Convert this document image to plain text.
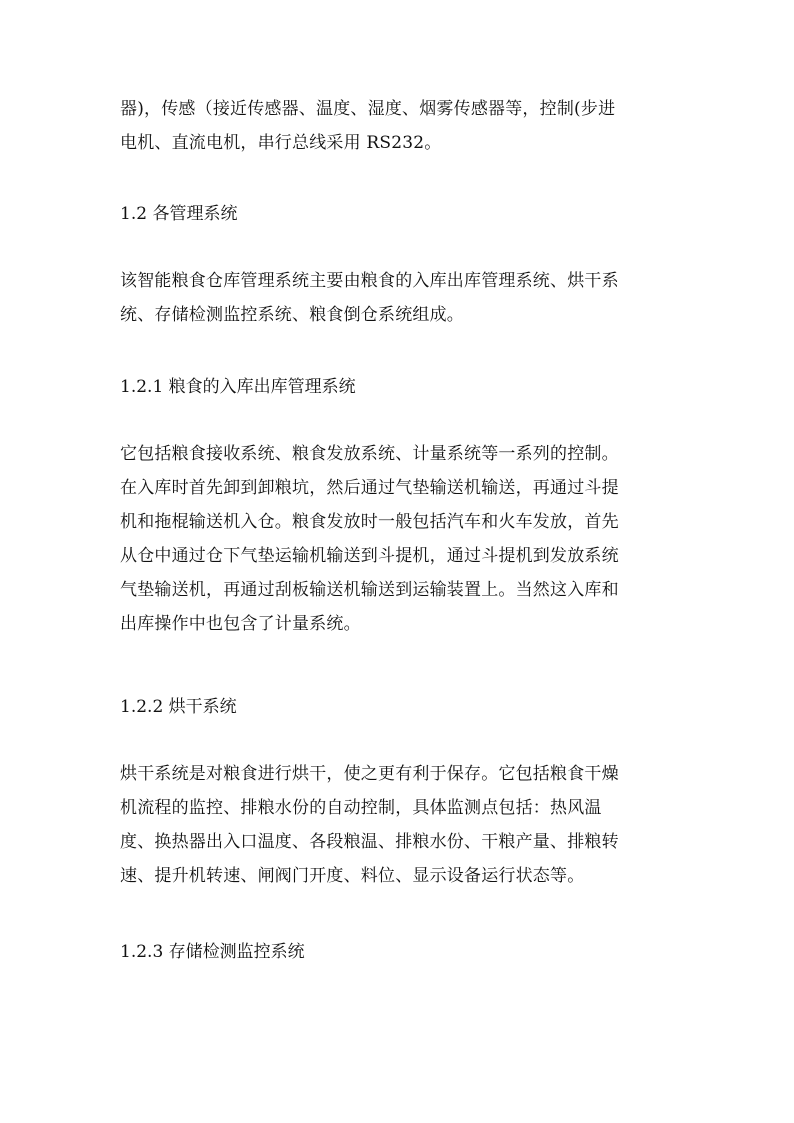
器)，传感（接近传感器、温度、湿度、烟雾传感器等，控制(步进
电机、直流电机，串行总线采用 RS232。
1.2 各管理系统
该智能粮食仓库管理系统主要由粮食的入库出库管理系统、烘干系
统、存储检测监控系统、粮食倒仓系统组成。
1.2.1 粮食的入库出库管理系统
它包括粮食接收系统、粮食发放系统、计量系统等一系列的控制。
在入库时首先卸到卸粮坑，然后通过气垫输送机输送，再通过斗提
机和拖棍输送机入仓。粮食发放时一般包括汽车和火车发放，首先
从仓中通过仓下气垫运输机输送到斗提机，通过斗提机到发放系统
气垫输送机，再通过刮板输送机输送到运输装置上。当然这入库和
出库操作中也包含了计量系统。
1.2.2 烘干系统
烘干系统是对粮食进行烘干，使之更有利于保存。它包括粮食干燥
机流程的监控、排粮水份的自动控制，具体监测点包括：热风温
度、换热器出入口温度、各段粮温、排粮水份、干粮产量、排粮转
速、提升机转速、闸阀门开度、料位、显示设备运行状态等。
1.2.3 存储检测监控系统
